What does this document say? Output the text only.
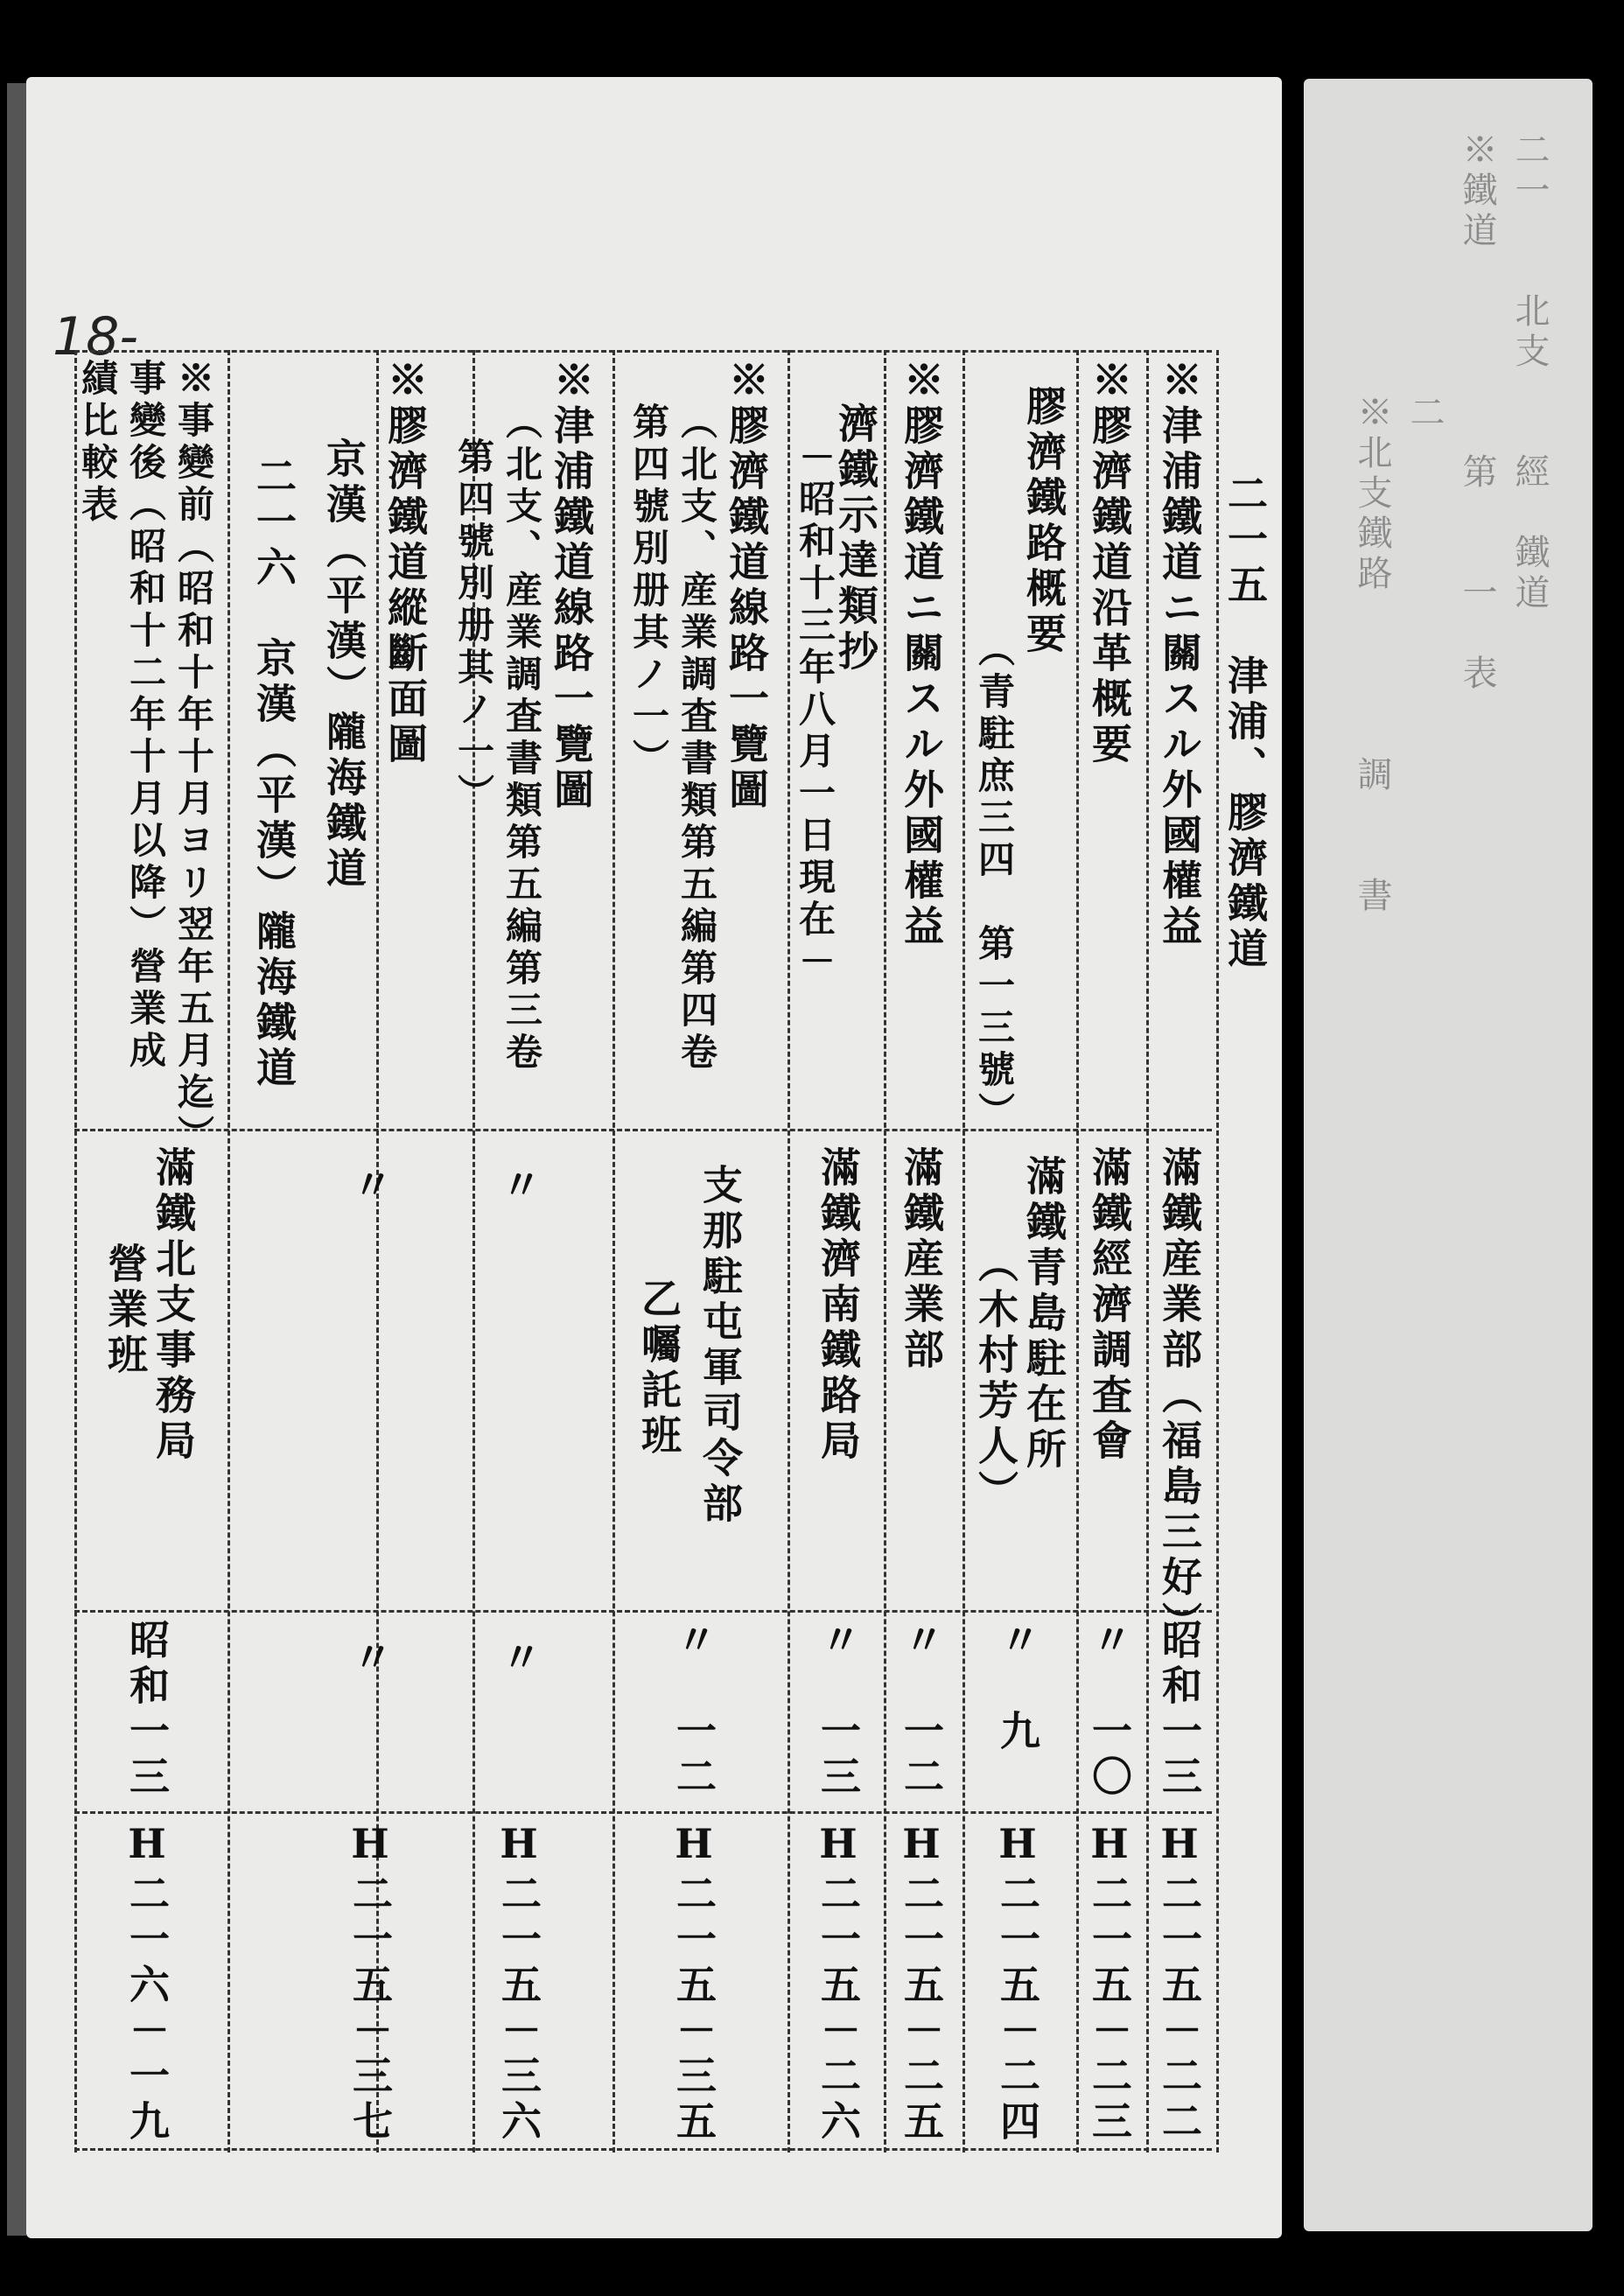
二一　　北支　　經　鐵道　
※鐵道　　　　　第　　一　表
二　　　　　　　　　　　　　
※北支鐵路　　　　調　　書　　
18-
二一五　津浦、膠濟鐵道
※津浦鐵道ニ關スル外國權益
滿鐵産業部（福島三好）
昭和一三
H二一五－二二
※膠濟鐵道沿革概要
滿鐵經濟調査會
〃　一〇
H二一五－二三
膠濟鐵路概要
（青駐庶三四　第一三號）
滿鐵青島駐在所
（木村芳人）
〃　九
H二一五－二四
※膠濟鐵道ニ關スル外國權益
滿鐵産業部
〃　一二
H二一五－二五
濟鐵示達類抄
－昭和十三年八月一日現在－
滿鐵濟南鐵路局
〃　一三
H二一五－二六
※膠濟鐵道線路一覽圖
（北支、産業調査書類第五編第四卷
第四號別册其ノ一）
支那駐屯軍司令部
乙囑託班
〃　一二
H二一五－三五
※津浦鐵道線路一覽圖
（北支、産業調査書類第五編第三卷
第四號別册其ノ一）
〃
〃
H二一五－三六
※膠濟鐵道縱斷面圖
京漢（平漢）隴海鐵道
〃
〃
H二一五－三七
二一六　京漢（平漢）隴海鐵道
※事變前（昭和十年十月ヨリ翌年五月迄）
事變後（昭和十二年十月以降）營業成
績比較表
滿鐵北支事務局
營業班
昭和一三
H二一六－一九
